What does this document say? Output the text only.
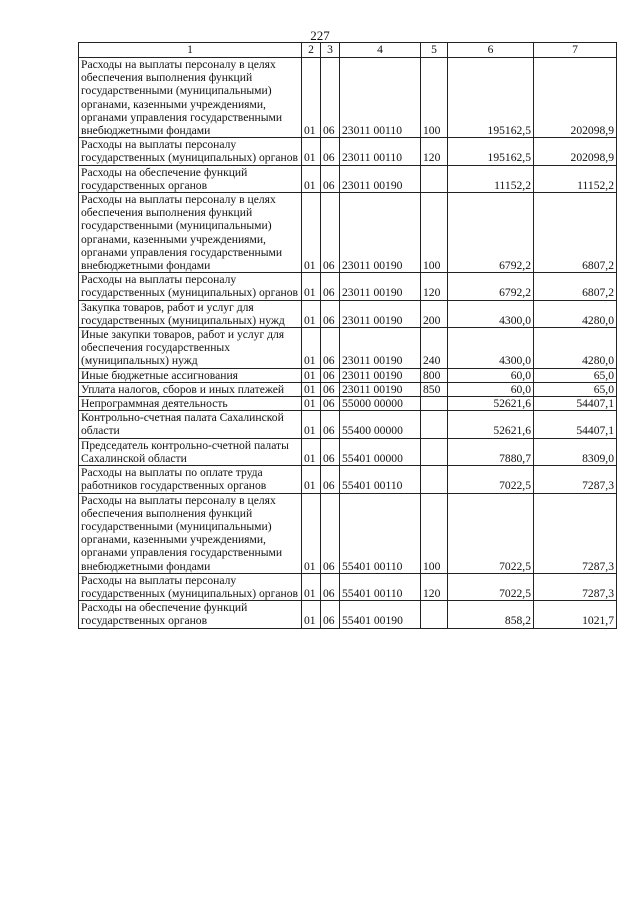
227
1	2	3	4	5	6	7
Расходы на выплаты персоналу в целях обеспечения выполнения функций государственными (муниципальными) органами, казенными учреждениями, органами управления государственными внебюджетными фондами	01	06	23011 00110	100	195162,5	202098,9
Расходы на выплаты персоналу государственных (муниципальных) органов	01	06	23011 00110	120	195162,5	202098,9
Расходы на обеспечение функций государственных органов	01	06	23011 00190		11152,2	11152,2
Расходы на выплаты персоналу в целях обеспечения выполнения функций государственными (муниципальными) органами, казенными учреждениями, органами управления государственными внебюджетными фондами	01	06	23011 00190	100	6792,2	6807,2
Расходы на выплаты персоналу государственных (муниципальных) органов	01	06	23011 00190	120	6792,2	6807,2
Закупка товаров, работ и услуг для государственных (муниципальных) нужд	01	06	23011 00190	200	4300,0	4280,0
Иные закупки товаров, работ и услуг для обеспечения государственных (муниципальных) нужд	01	06	23011 00190	240	4300,0	4280,0
Иные бюджетные ассигнования	01	06	23011 00190	800	60,0	65,0
Уплата налогов, сборов и иных платежей	01	06	23011 00190	850	60,0	65,0
Непрограммная деятельность	01	06	55000 00000		52621,6	54407,1
Контрольно-счетная палата Сахалинской области	01	06	55400 00000		52621,6	54407,1
Председатель контрольно-счетной палаты Сахалинской области	01	06	55401 00000		7880,7	8309,0
Расходы на выплаты по оплате труда работников государственных органов	01	06	55401 00110		7022,5	7287,3
Расходы на выплаты персоналу в целях обеспечения выполнения функций государственными (муниципальными) органами, казенными учреждениями, органами управления государственными внебюджетными фондами	01	06	55401 00110	100	7022,5	7287,3
Расходы на выплаты персоналу государственных (муниципальных) органов	01	06	55401 00110	120	7022,5	7287,3
Расходы на обеспечение функций государственных органов	01	06	55401 00190		858,2	1021,7
